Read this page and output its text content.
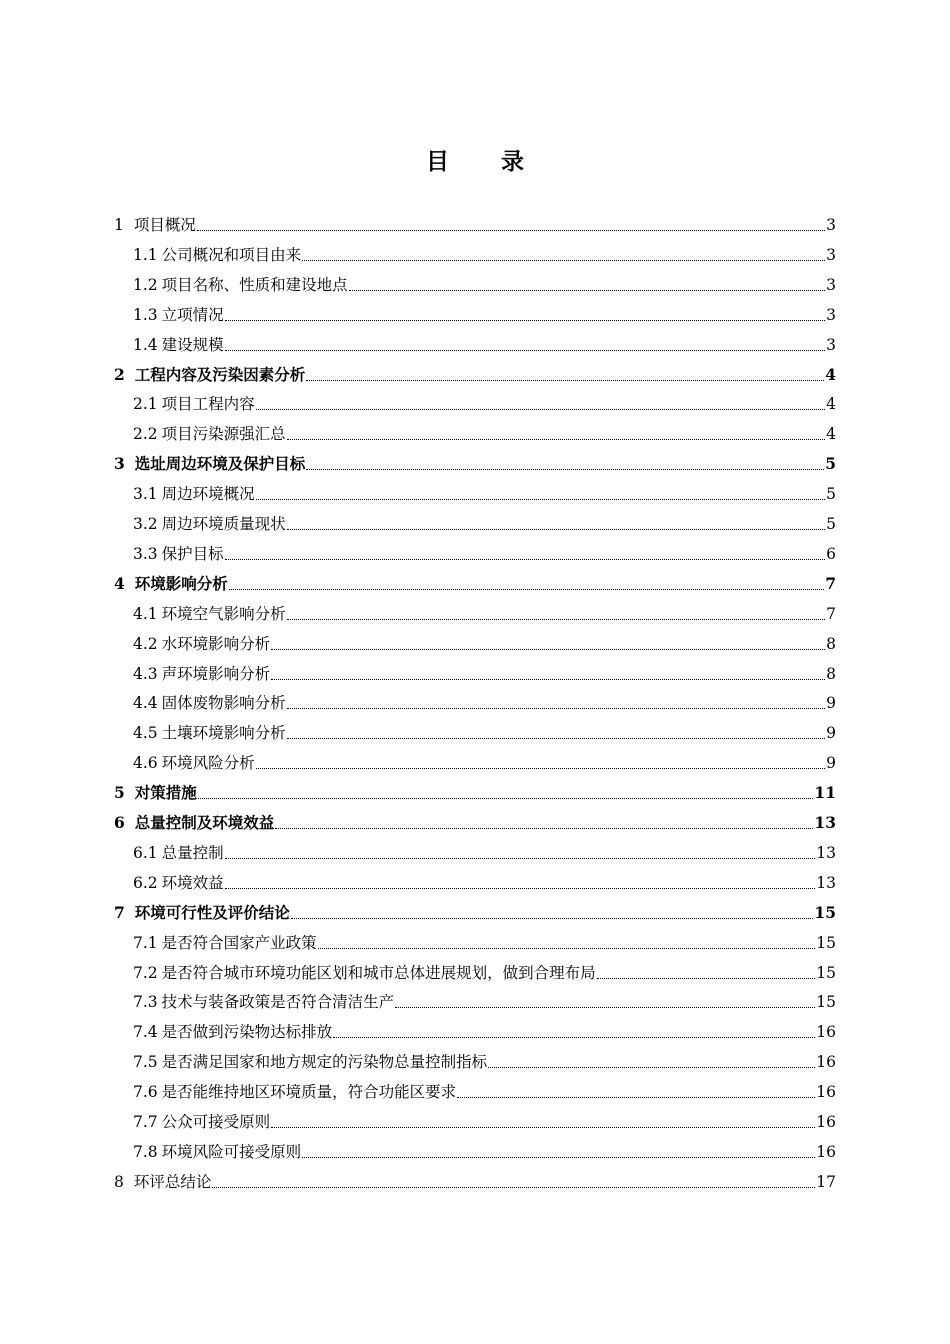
目 录
1 项目概况	3
1.1 公司概况和项目由来	3
1.2 项目名称、性质和建设地点	3
1.3 立项情况	3
1.4 建设规模	3
2 工程内容及污染因素分析	4
2.1 项目工程内容	4
2.2 项目污染源强汇总	4
3 选址周边环境及保护目标	5
3.1 周边环境概况	5
3.2 周边环境质量现状	5
3.3 保护目标	6
4 环境影响分析	7
4.1 环境空气影响分析	7
4.2 水环境影响分析	8
4.3 声环境影响分析	8
4.4 固体废物影响分析	9
4.5 土壤环境影响分析	9
4.6 环境风险分析	9
5 对策措施	11
6 总量控制及环境效益	13
6.1 总量控制	13
6.2 环境效益	13
7 环境可行性及评价结论	15
7.1 是否符合国家产业政策	15
7.2 是否符合城市环境功能区划和城市总体进展规划，做到合理布局	15
7.3 技术与装备政策是否符合清洁生产	15
7.4 是否做到污染物达标排放	16
7.5 是否满足国家和地方规定的污染物总量控制指标	16
7.6 是否能维持地区环境质量，符合功能区要求	16
7.7 公众可接受原则	16
7.8 环境风险可接受原则	16
8 环评总结论	17
